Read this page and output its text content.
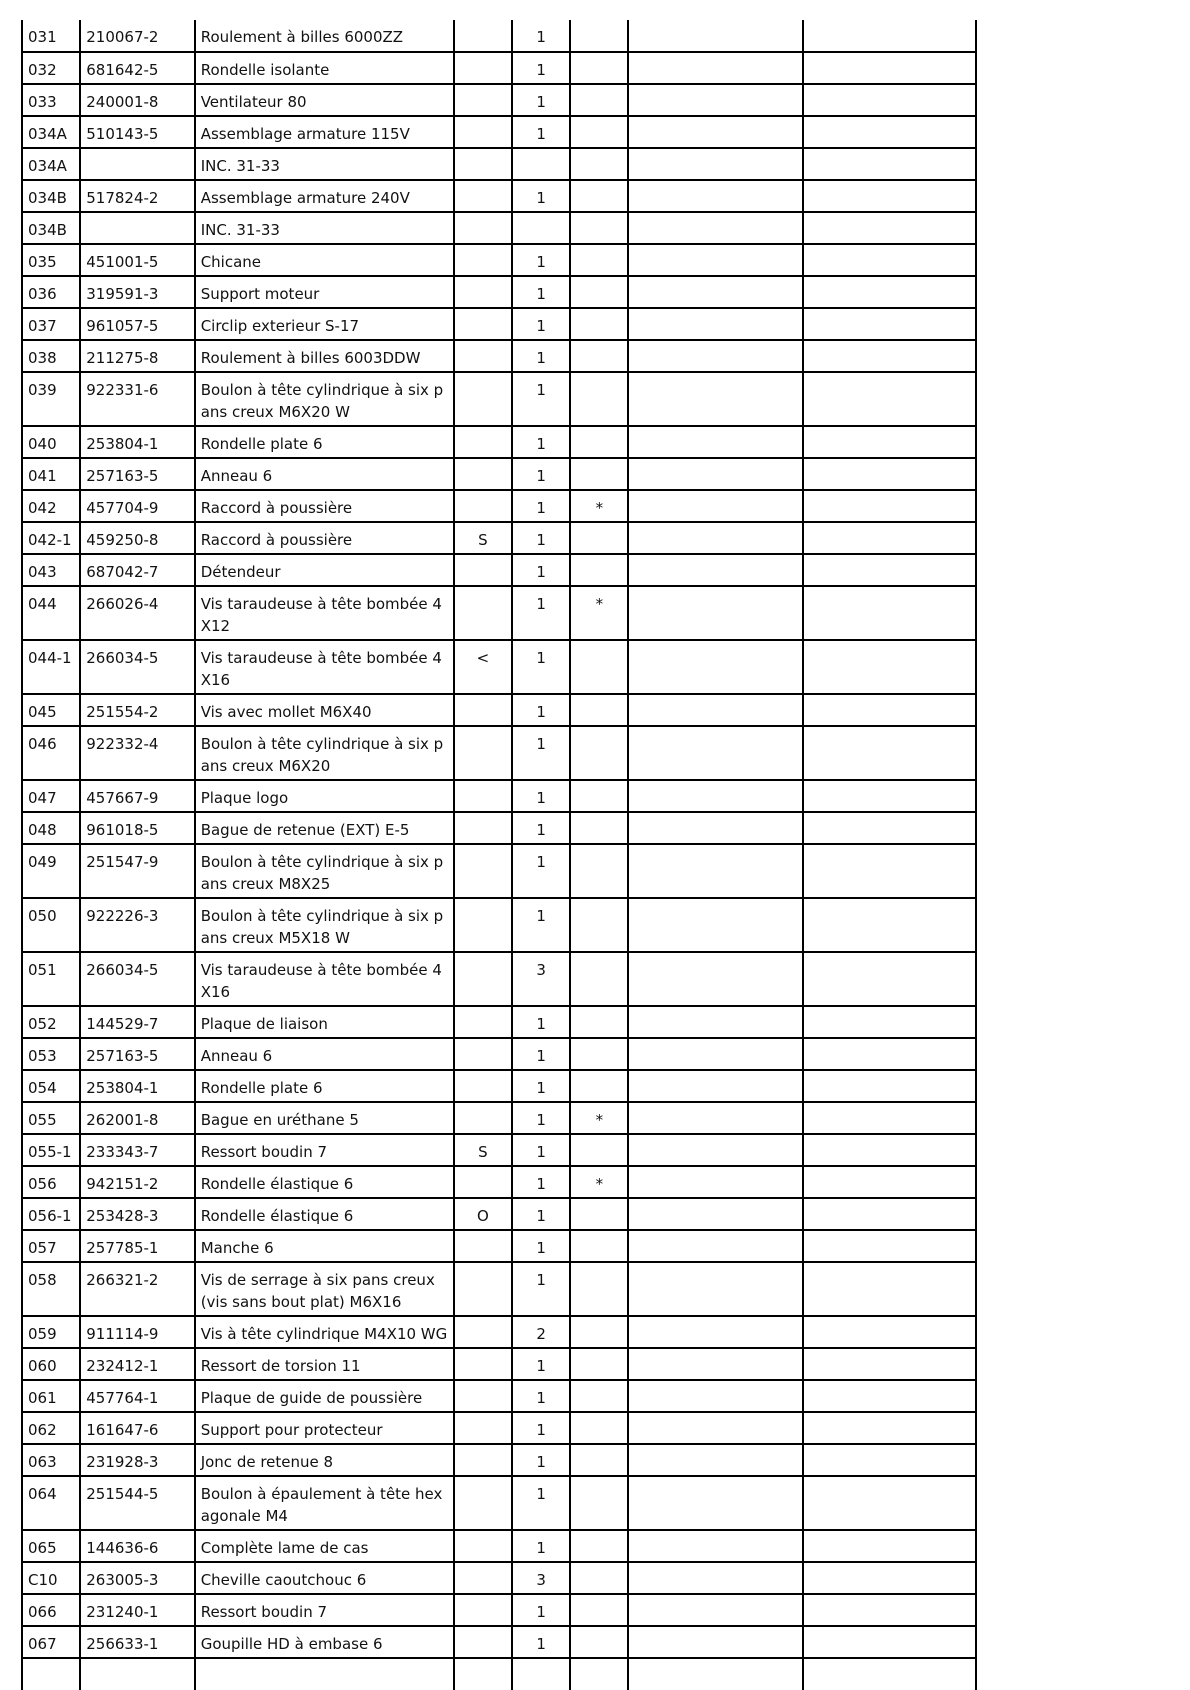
031	210067-2	Roulement à billes 6000ZZ		1			
032	681642-5	Rondelle isolante		1			
033	240001-8	Ventilateur 80		1			
034A	510143-5	Assemblage armature 115V		1			
034A		INC. 31-33					
034B	517824-2	Assemblage armature 240V		1			
034B		INC. 31-33					
035	451001-5	Chicane		1			
036	319591-3	Support moteur		1			
037	961057-5	Circlip exterieur S-17		1			
038	211275-8	Roulement à billes 6003DDW		1			
039	922331-6	Boulon à tête cylindrique à six pans creux M6X20 W		1			
040	253804-1	Rondelle plate 6		1			
041	257163-5	Anneau 6		1			
042	457704-9	Raccord à poussière		1	*		
042-1	459250-8	Raccord à poussière	S	1			
043	687042-7	Détendeur		1			
044	266026-4	Vis taraudeuse à tête bombée 4X12		1	*		
044-1	266034-5	Vis taraudeuse à tête bombée 4X16	<	1			
045	251554-2	Vis avec mollet M6X40		1			
046	922332-4	Boulon à tête cylindrique à six pans creux M6X20		1			
047	457667-9	Plaque logo		1			
048	961018-5	Bague de retenue (EXT) E-5		1			
049	251547-9	Boulon à tête cylindrique à six pans creux M8X25		1			
050	922226-3	Boulon à tête cylindrique à six pans creux M5X18 W		1			
051	266034-5	Vis taraudeuse à tête bombée 4X16		3			
052	144529-7	Plaque de liaison		1			
053	257163-5	Anneau 6		1			
054	253804-1	Rondelle plate 6		1			
055	262001-8	Bague en uréthane 5		1	*		
055-1	233343-7	Ressort boudin 7	S	1			
056	942151-2	Rondelle élastique 6		1	*		
056-1	253428-3	Rondelle élastique 6	O	1			
057	257785-1	Manche 6		1			
058	266321-2	Vis de serrage à six pans creux (vis sans bout plat) M6X16		1			
059	911114-9	Vis à tête cylindrique M4X10 WG		2			
060	232412-1	Ressort de torsion 11		1			
061	457764-1	Plaque de guide de poussière		1			
062	161647-6	Support pour protecteur		1			
063	231928-3	Jonc de retenue 8		1			
064	251544-5	Boulon à épaulement à tête hexagonale M4		1			
065	144636-6	Complète lame de cas		1			
C10	263005-3	Cheville caoutchouc 6		3			
066	231240-1	Ressort boudin 7		1			
067	256633-1	Goupille HD à embase 6		1			
